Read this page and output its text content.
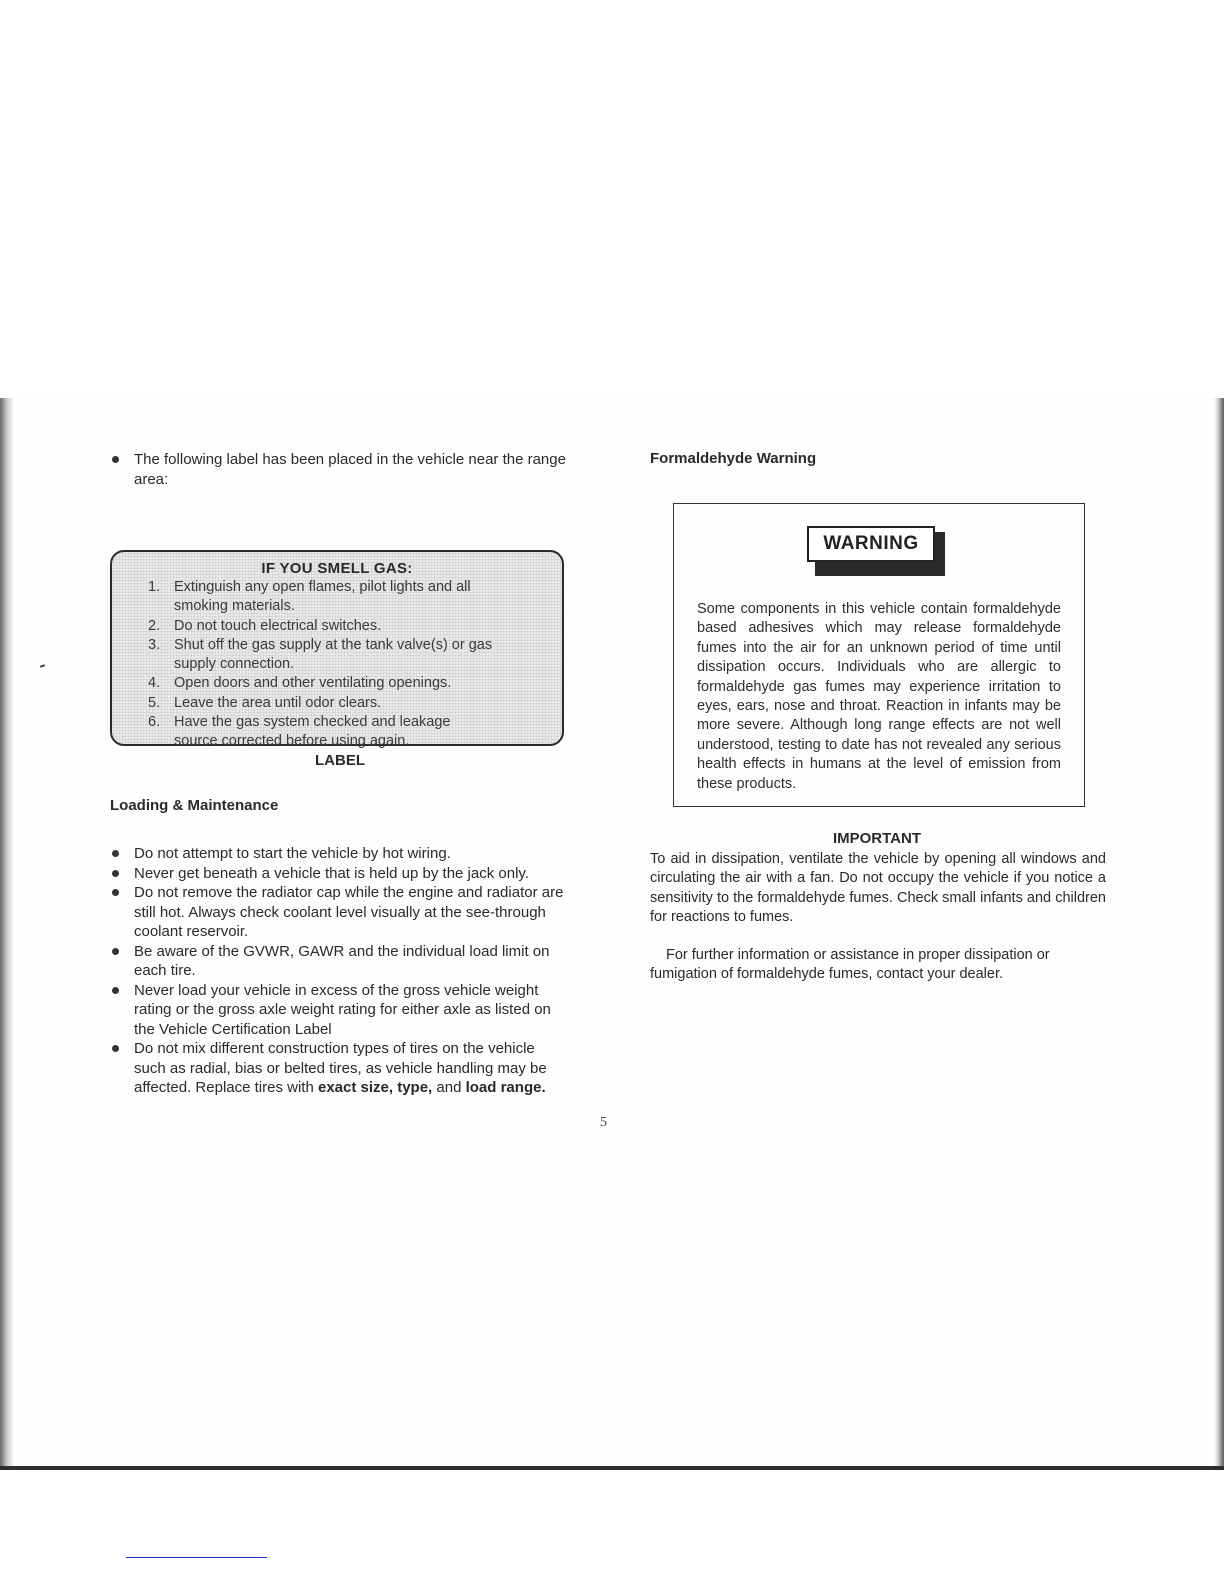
The following label has been placed in the vehicle near the range area:
IF YOU SMELL GAS:
1. Extinguish any open flames, pilot lights and all
smoking materials.
2. Do not touch electrical switches.
3. Shut off the gas supply at the tank valve(s) or gas
supply connection.
4. Open doors and other ventilating openings.
5. Leave the area until odor clears.
6. Have the gas system checked and leakage
source corrected before using again.
LABEL
Loading & Maintenance
Do not attempt to start the vehicle by hot wiring.
Never get beneath a vehicle that is held up by the jack only.
Do not remove the radiator cap while the engine and radiator are still hot. Always check coolant level visually at the see-through coolant reservoir.
Be aware of the GVWR, GAWR and the individual load limit on each tire.
Never load your vehicle in excess of the gross vehicle weight rating or the gross axle weight rating for either axle as listed on the Vehicle Certification Label
Do not mix different construction types of tires on the vehicle such as radial, bias or belted tires, as vehicle handling may be affected. Replace tires with exact size, type, and load range.
Formaldehyde Warning
WARNING
Some components in this vehicle contain formaldehyde based adhesives which may release formaldehyde fumes into the air for an unknown period of time until dissipation occurs. Individuals who are allergic to formaldehyde gas fumes may experience irritation to eyes, ears, nose and throat. Reaction in infants may be more severe. Although long range effects are not well understood, testing to date has not revealed any serious health effects in humans at the level of emission from these products.
IMPORTANT
To aid in dissipation, ventilate the vehicle by opening all windows and circulating the air with a fan. Do not occupy the vehicle if you notice a sensitivity to the formaldehyde fumes. Check small infants and children for reactions to fumes.
For further information or assistance in proper dissipation or fumigation of formaldehyde fumes, contact your dealer.
5
